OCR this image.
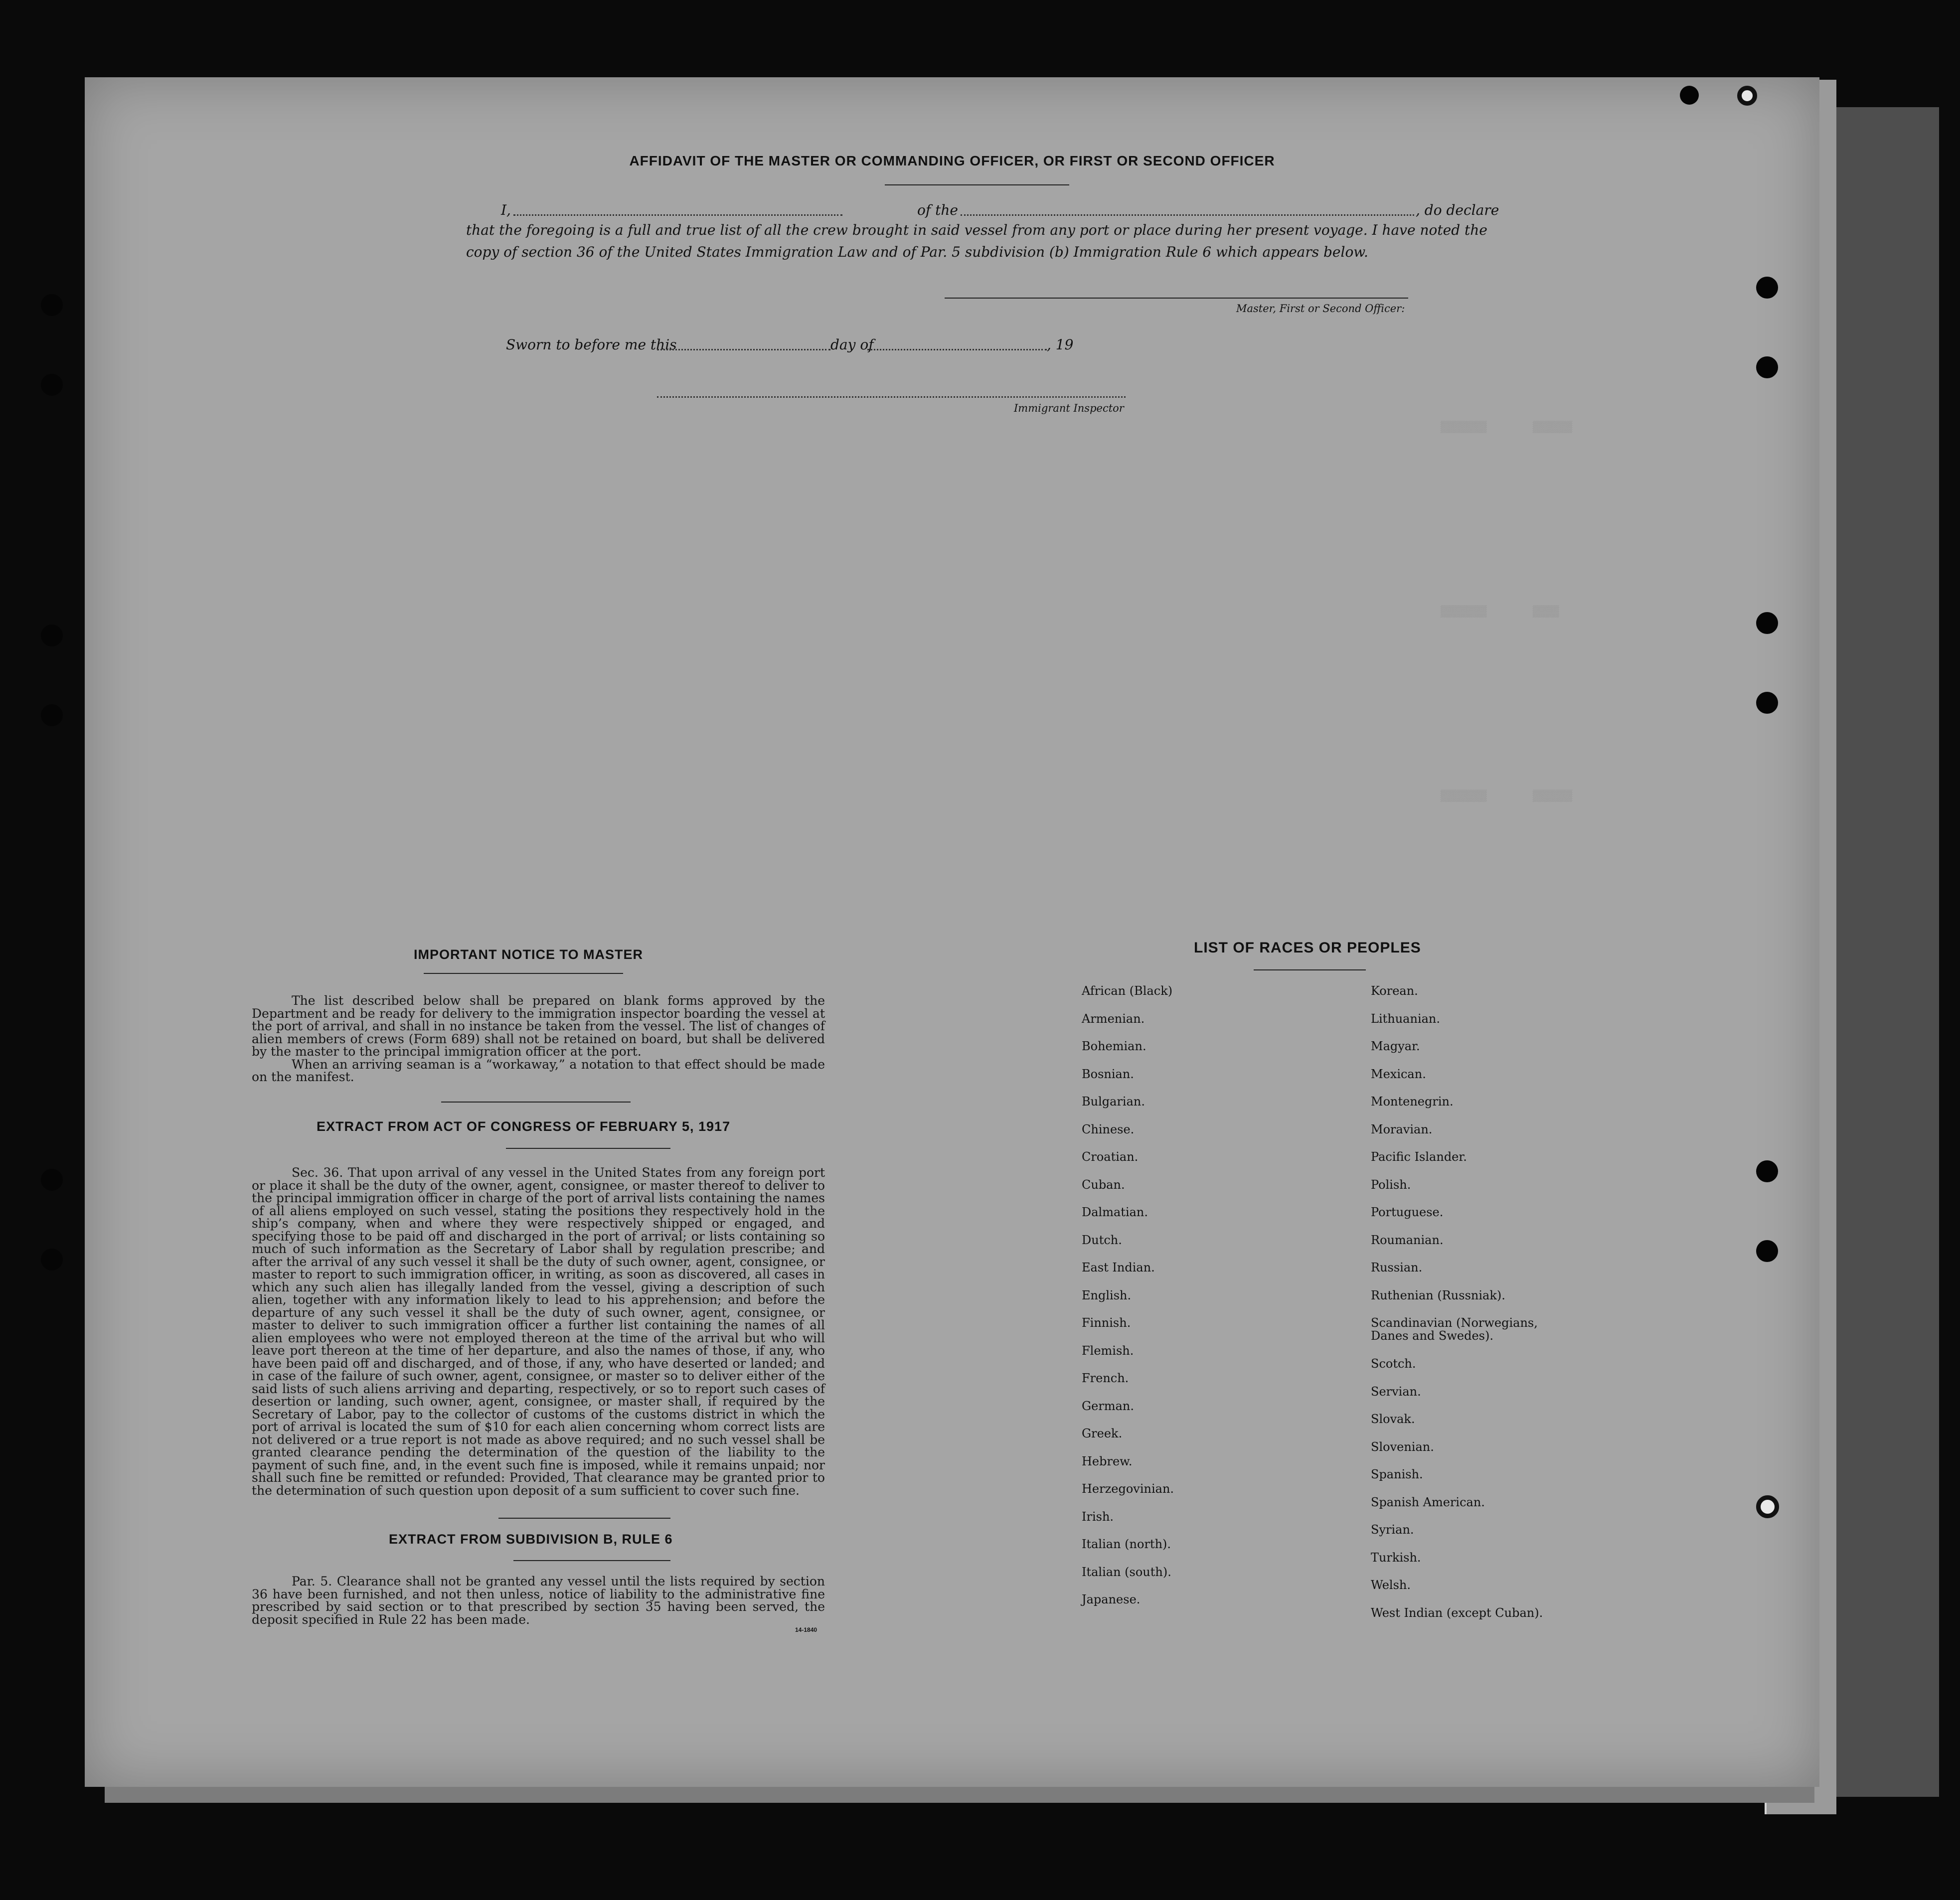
▒▒▒▒▒▒▒       ▒▒▒▒▒▒
▒▒▒▒▒▒▒       ▒▒▒▒
▒▒▒▒▒▒▒       ▒▒▒▒▒▒
AFFIDAVIT OF THE MASTER OR COMMANDING OFFICER, OR FIRST OR SECOND OFFICER
I,	of the	, do declare
that the foregoing is a full and true list of all the crew brought in said vessel from any port or place during her present voyage. I have noted the
copy of section 36 of the United States Immigration Law and of Par. 5 subdivision (b) Immigration Rule 6 which appears below.
Master, First or Second Officer:
Sworn to before me this	day of	, 19
Immigrant Inspector
IMPORTANT NOTICE TO MASTER

The list described below shall be prepared on blank forms approved by the Department and be ready for delivery to the immigration inspector boarding the vessel at the port of arrival, and shall in no instance be taken from the vessel. The list of changes of alien members of crews (Form 689) shall not be retained on board, but shall be delivered by the master to the principal immigration officer at the port.

When an arriving seaman is a “workaway,” a notation to that effect should be made on the manifest.

EXTRACT FROM ACT OF CONGRESS OF FEBRUARY 5, 1917

Sec. 36. That upon arrival of any vessel in the United States from any foreign port or place it shall be the duty of the owner, agent, consignee, or master thereof to deliver to the principal immigration officer in charge of the port of arrival lists containing the names of all aliens employed on such vessel, stating the positions they respectively hold in the ship’s company, when and where they were respectively shipped or engaged, and specifying those to be paid off and discharged in the port of arrival; or lists containing so much of such information as the Secretary of Labor shall by regulation prescribe; and after the arrival of any such vessel it shall be the duty of such owner, agent, consignee, or master to report to such immigration officer, in writing, as soon as discovered, all cases in which any such alien has illegally landed from the vessel, giving a description of such alien, together with any information likely to lead to his apprehension; and before the departure of any such vessel it shall be the duty of such owner, agent, consignee, or master to deliver to such immigration officer a further list containing the names of all alien employees who were not employed thereon at the time of the arrival but who will leave port thereon at the time of her departure, and also the names of those, if any, who have been paid off and discharged, and of those, if any, who have deserted or landed; and in case of the failure of such owner, agent, consignee, or master so to deliver either of the said lists of such aliens arriving and departing, respectively, or so to report such cases of desertion or landing, such owner, agent, consignee, or master shall, if required by the Secretary of Labor, pay to the collector of customs of the customs district in which the port of arrival is located the sum of $10 for each alien concerning whom correct lists are not delivered or a true report is not made as above required; and no such vessel shall be granted clearance pending the determination of the question of the liability to the payment of such fine, and, in the event such fine is imposed, while it remains unpaid; nor shall such fine be remitted or refunded: Provided, That clearance may be granted prior to the determination of such question upon deposit of a sum sufficient to cover such fine.

EXTRACT FROM SUBDIVISION B, RULE 6

Par. 5. Clearance shall not be granted any vessel until the lists required by section 36 have been furnished, and not then unless, notice of liability to the administrative fine prescribed by said section or to that prescribed by section 35 having been served, the deposit specified in Rule 22 has been made.

14-1840
LIST OF RACES OR PEOPLES
African (Black)
Armenian.
Bohemian.
Bosnian.
Bulgarian.
Chinese.
Croatian.
Cuban.
Dalmatian.
Dutch.
East Indian.
English.
Finnish.
Flemish.
French.
German.
Greek.
Hebrew.
Herzegovinian.
Irish.
Italian (north).
Italian (south).
Japanese.
Korean.
Lithuanian.
Magyar.
Mexican.
Montenegrin.
Moravian.
Pacific Islander.
Polish.
Portuguese.
Roumanian.
Russian.
Ruthenian (Russniak).
Scandinavian (Norwegians, Danes and Swedes).
Scotch.
Servian.
Slovak.
Slovenian.
Spanish.
Spanish American.
Syrian.
Turkish.
Welsh.
West Indian (except Cuban).
